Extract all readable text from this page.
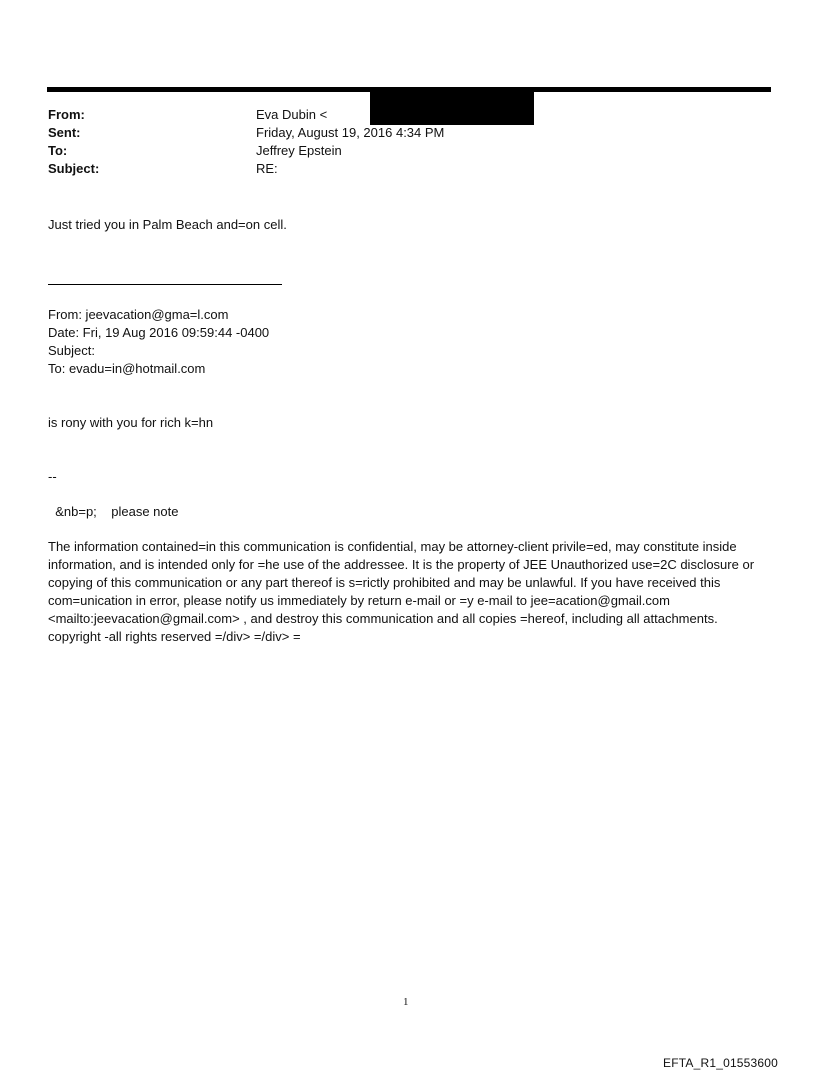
From:	Eva Dubin <
Sent:	Friday, August 19, 2016 4:34 PM
To:	Jeffrey Epstein
Subject:	RE:
Just tried you in Palm Beach and=on cell.
From: jeevacation@gma=l.com
Date: Fri, 19 Aug 2016 09:59:44 -0400
Subject:
To: evadu=in@hotmail.com
is rony with you for rich k=hn
--
&nb=p;    please note
The information contained=in this communication is confidential, may be attorney-client privile=ed, may constitute inside information, and is intended only for =he use of the addressee. It is the property of JEE Unauthorized use=2C disclosure or copying of this communication or any part thereof is s=rictly prohibited and may be unlawful. If you have received this com=unication in error, please notify us immediately by return e-mail or =y e-mail to jee=acation@gmail.com <mailto:jeevacation@gmail.com> , and destroy this communication and all copies =hereof, including all attachments. copyright -all rights reserved =/div> =/div> =
1
EFTA_R1_01553600
